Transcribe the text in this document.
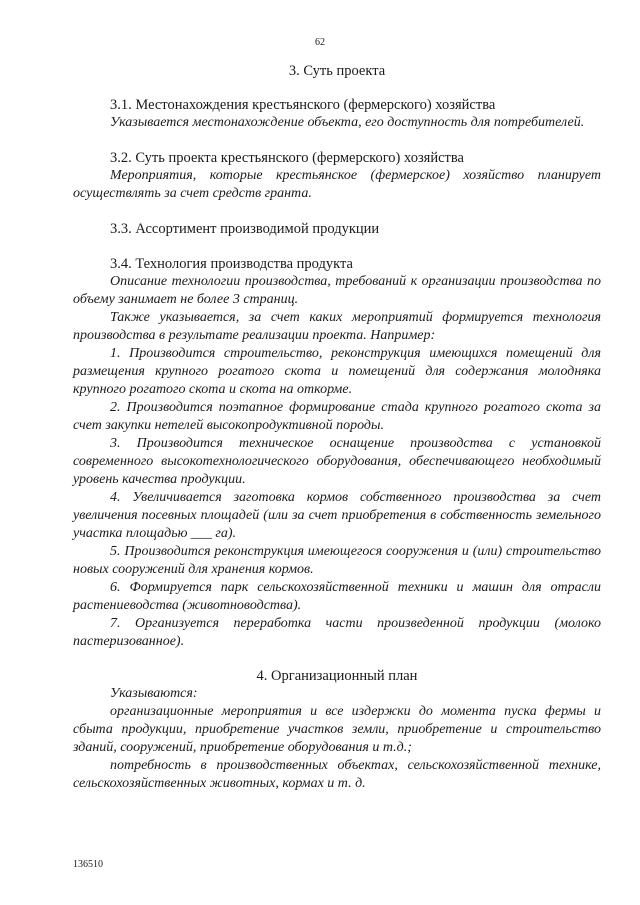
62

3. Суть проекта

3.1. Местонахождения крестьянского (фермерского) хозяйства

Указывается местонахождение объекта, его доступность для потребителей.

3.2. Суть проекта крестьянского (фермерского) хозяйства

Мероприятия, которые крестьянское (фермерское) хозяйство планирует осуществлять за счет средств гранта.

3.3. Ассортимент производимой продукции

3.4. Технология производства продукта

Описание технологии производства, требований к организации производства по объему занимает не более 3 страниц.

Также указывается, за счет каких мероприятий формируется технология производства в результате реализации проекта. Например:

1. Производится строительство, реконструкция имеющихся помещений для размещения крупного рогатого скота и помещений для содержания молодняка крупного рогатого скота и скота на откорме.

2. Производится поэтапное формирование стада крупного рогатого скота за счет закупки нетелей высокопродуктивной породы.

3. Производится техническое оснащение производства с установкой современного высокотехнологического оборудования, обеспечивающего необходимый уровень качества продукции.

4. Увеличивается заготовка кормов собственного производства за счет увеличения посевных площадей (или за счет приобретения в собственность земельного участка площадью ___ га).

5. Производится реконструкция имеющегося сооружения и (или) строительство новых сооружений для хранения кормов.

6. Формируется парк сельскохозяйственной техники и машин для отрасли растениеводства (животноводства).

7. Организуется переработка части произведенной продукции (молоко пастеризованное).

4. Организационный план

Указываются:

организационные мероприятия и все издержки до момента пуска фермы и сбыта продукции, приобретение участков земли, приобретение и строительство зданий, сооружений, приобретение оборудования и т.д.;

потребность в производственных объектах, сельскохозяйственной технике, сельскохозяйственных животных, кормах и т. д.

136510
